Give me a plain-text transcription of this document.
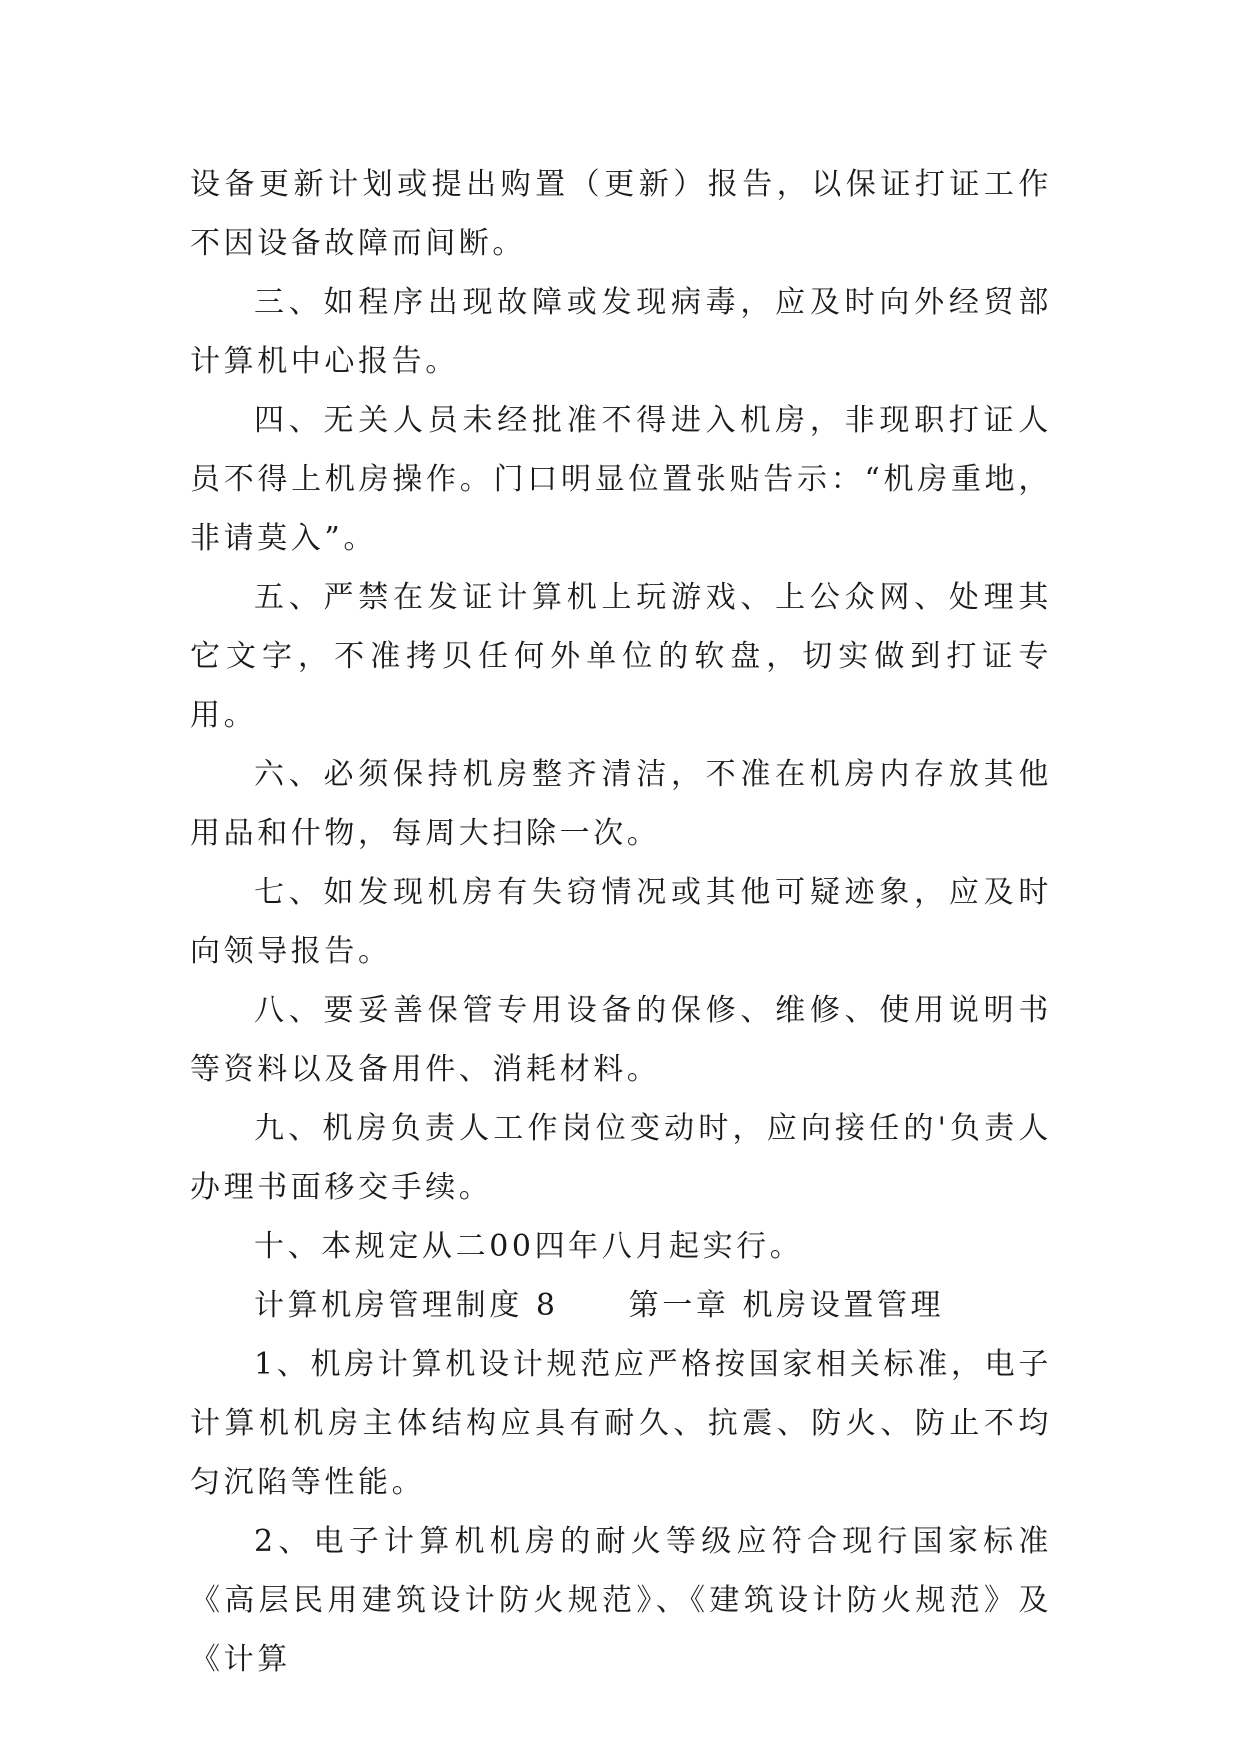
设备更新计划或提出购置（更新）报告，以保证打证工作不因设备故障而间断。

三、如程序出现故障或发现病毒，应及时向外经贸部计算机中心报告。

四、无关人员未经批准不得进入机房，非现职打证人员不得上机房操作。门口明显位置张贴告示：“机房重地，非请莫入”。

五、严禁在发证计算机上玩游戏、上公众网、处理其它文字，不准拷贝任何外单位的软盘，切实做到打证专用。

六、必须保持机房整齐清洁，不准在机房内存放其他用品和什物，每周大扫除一次。

七、如发现机房有失窃情况或其他可疑迹象，应及时向领导报告。

八、要妥善保管专用设备的保修、维修、使用说明书等资料以及备用件、消耗材料。

九、机房负责人工作岗位变动时，应向接任的'负责人办理书面移交手续。

十、本规定从二00四年八月起实行。

计算机房管理制度 8 第一章 机房设置管理

1、机房计算机设计规范应严格按国家相关标准，电子计算机机房主体结构应具有耐久、抗震、防火、防止不均匀沉陷等性能。

2、电子计算机机房的耐火等级应符合现行国家标准《高层民用建筑设计防火规范》、《建筑设计防火规范》及《计算
